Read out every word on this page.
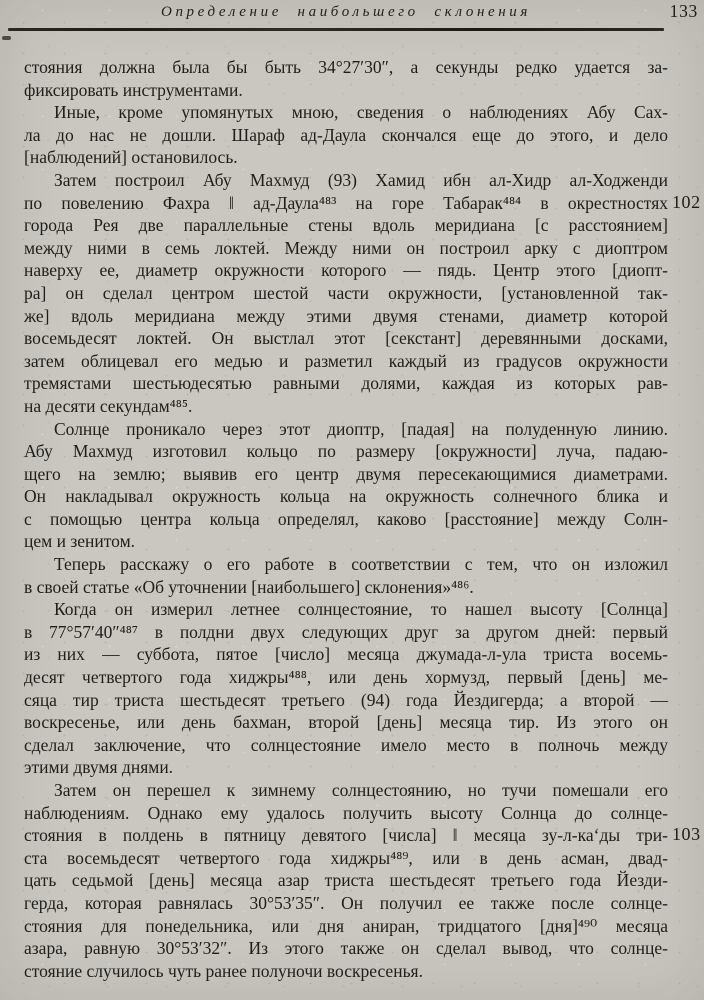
Определение наибольшего склонения	133
стояния должна была бы быть 34°27′30″, а секунды редко удается за-
фиксировать инструментами.
Иные, кроме упомянутых мною, сведения о наблюдениях Абу Сах-
ла до нас не дошли. Шараф ад-Даула скончался еще до этого, и дело
[наблюдений] остановилось.
Затем построил Абу Махмуд (93) Хамид ибн ал-Хидр ал-Ходженди
по повелению Фахра ‖ ад-Даула⁴⁸³ на горе Табарак⁴⁸⁴ в окрестностях 102
города Рея две параллельные стены вдоль меридиана [с расстоянием]
между ними в семь локтей. Между ними он построил арку с диоптром
наверху ее, диаметр окружности которого — пядь. Центр этого [диопт-
ра] он сделал центром шестой части окружности, [установленной так-
же] вдоль меридиана между этими двумя стенами, диаметр которой
восемьдесят локтей. Он выстлал этот [секстант] деревянными досками,
затем облицевал его медью и разметил каждый из градусов окружности
тремястами шестьюдесятью равными долями, каждая из которых рав-
на десяти секундам⁴⁸⁵.
Солнце проникало через этот диоптр, [падая] на полуденную линию.
Абу Махмуд изготовил кольцо по размеру [окружности] луча, падаю-
щего на землю; выявив его центр двумя пересекающимися диаметрами.
Он накладывал окружность кольца на окружность солнечного блика и
с помощью центра кольца определял, каково [расстояние] между Солн-
цем и зенитом.
Теперь расскажу о его работе в соответствии с тем, что он изложил
в своей статье «Об уточнении [наибольшего] склонения»⁴⁸⁶.
Когда он измерил летнее солнцестояние, то нашел высоту [Солнца]
в 77°57′40″⁴⁸⁷ в полдни двух следующих друг за другом дней: первый
из них — суббота, пятое [число] месяца джумада-л-ула триста восемь-
десят четвертого года хиджры⁴⁸⁸, или день хормузд, первый [день] ме-
сяца тир триста шестьдесят третьего (94) года Йездигерда; а второй —
воскресенье, или день бахман, второй [день] месяца тир. Из этого он
сделал заключение, что солнцестояние имело место в полночь между
этими двумя днями.
Затем он перешел к зимнему солнцестоянию, но тучи помешали его
наблюдениям. Однако ему удалось получить высоту Солнца до солнце-
стояния в полдень в пятницу девятого [числа] ‖ месяца зу-л-ка‘ды три- 103
ста восемьдесят четвертого года хиджры⁴⁸⁹, или в день асман, двад-
цать седьмой [день] месяца азар триста шестьдесят третьего года Йезди-
герда, которая равнялась 30°53′35″. Он получил ее также после солнце-
стояния для понедельника, или дня аниран, тридцатого [дня]⁴⁹⁰ месяца
азара, равную 30°53′32″. Из этого также он сделал вывод, что солнце-
стояние случилось чуть ранее полуночи воскресенья.
